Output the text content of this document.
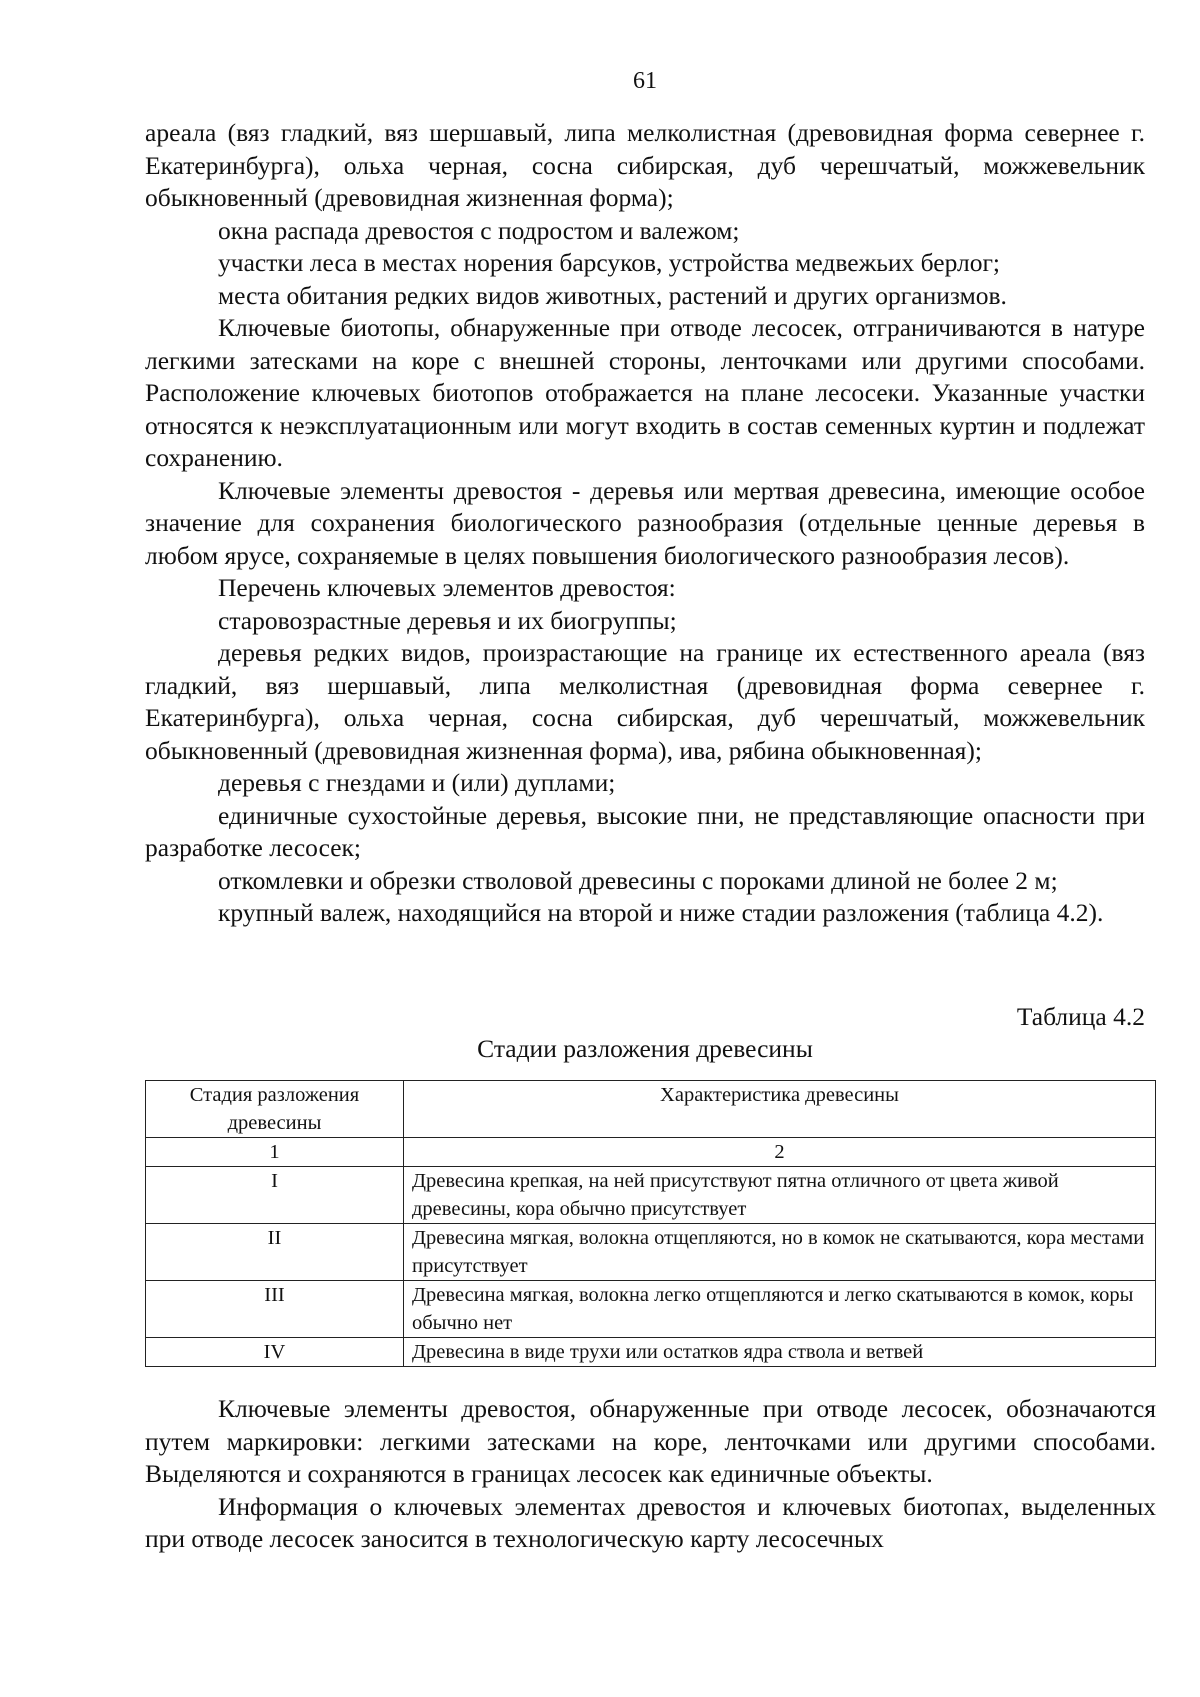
61

ареала (вяз гладкий, вяз шершавый, липа мелколистная (древовидная форма севернее г. Екатеринбурга), ольха черная, сосна сибирская, дуб черешчатый, можжевельник обыкновенный (древовидная жизненная форма);

окна распада древостоя с подростом и валежом;

участки леса в местах норения барсуков, устройства медвежьих берлог;

места обитания редких видов животных, растений и других организмов.

Ключевые биотопы, обнаруженные при отводе лесосек, отграничиваются в натуре легкими затесками на коре с внешней стороны, ленточками или другими способами. Расположение ключевых биотопов отображается на плане лесосеки. Указанные участки относятся к неэксплуатационным или могут входить в состав семенных куртин и подлежат сохранению.

Ключевые элементы древостоя - деревья или мертвая древесина, имеющие особое значение для сохранения биологического разнообразия (отдельные ценные деревья в любом ярусе, сохраняемые в целях повышения биологического разнообразия лесов).

Перечень ключевых элементов древостоя:

старовозрастные деревья и их биогруппы;

деревья редких видов, произрастающие на границе их естественного ареала (вяз гладкий, вяз шершавый, липа мелколистная (древовидная форма севернее г. Екатеринбурга), ольха черная, сосна сибирская, дуб черешчатый, можжевельник обыкновенный (древовидная жизненная форма), ива, рябина обыкновенная);

деревья с гнездами и (или) дуплами;

единичные сухостойные деревья, высокие пни, не представляющие опасности при разработке лесосек;

откомлевки и обрезки стволовой древесины с пороками длиной не более 2 м;

крупный валеж, находящийся на второй и ниже стадии разложения (таблица 4.2).

Таблица 4.2
Стадии разложения древесины
Стадия разложения древесины	Характеристика древесины
1	2
I	Древесина крепкая, на ней присутствуют пятна отличного от цвета живой древесины, кора обычно присутствует
II	Древесина мягкая, волокна отщепляются, но в комок не скатываются, кора местами присутствует
III	Древесина мягкая, волокна легко отщепляются и легко скатываются в комок, коры обычно нет
IV	Древесина в виде трухи или остатков ядра ствола и ветвей

Ключевые элементы древостоя, обнаруженные при отводе лесосек, обозначаются путем маркировки: легкими затесками на коре, ленточками или другими способами. Выделяются и сохраняются в границах лесосек как единичные объекты.

Информация о ключевых элементах древостоя и ключевых биотопах, выделенных при отводе лесосек заносится в технологическую карту лесосечных
